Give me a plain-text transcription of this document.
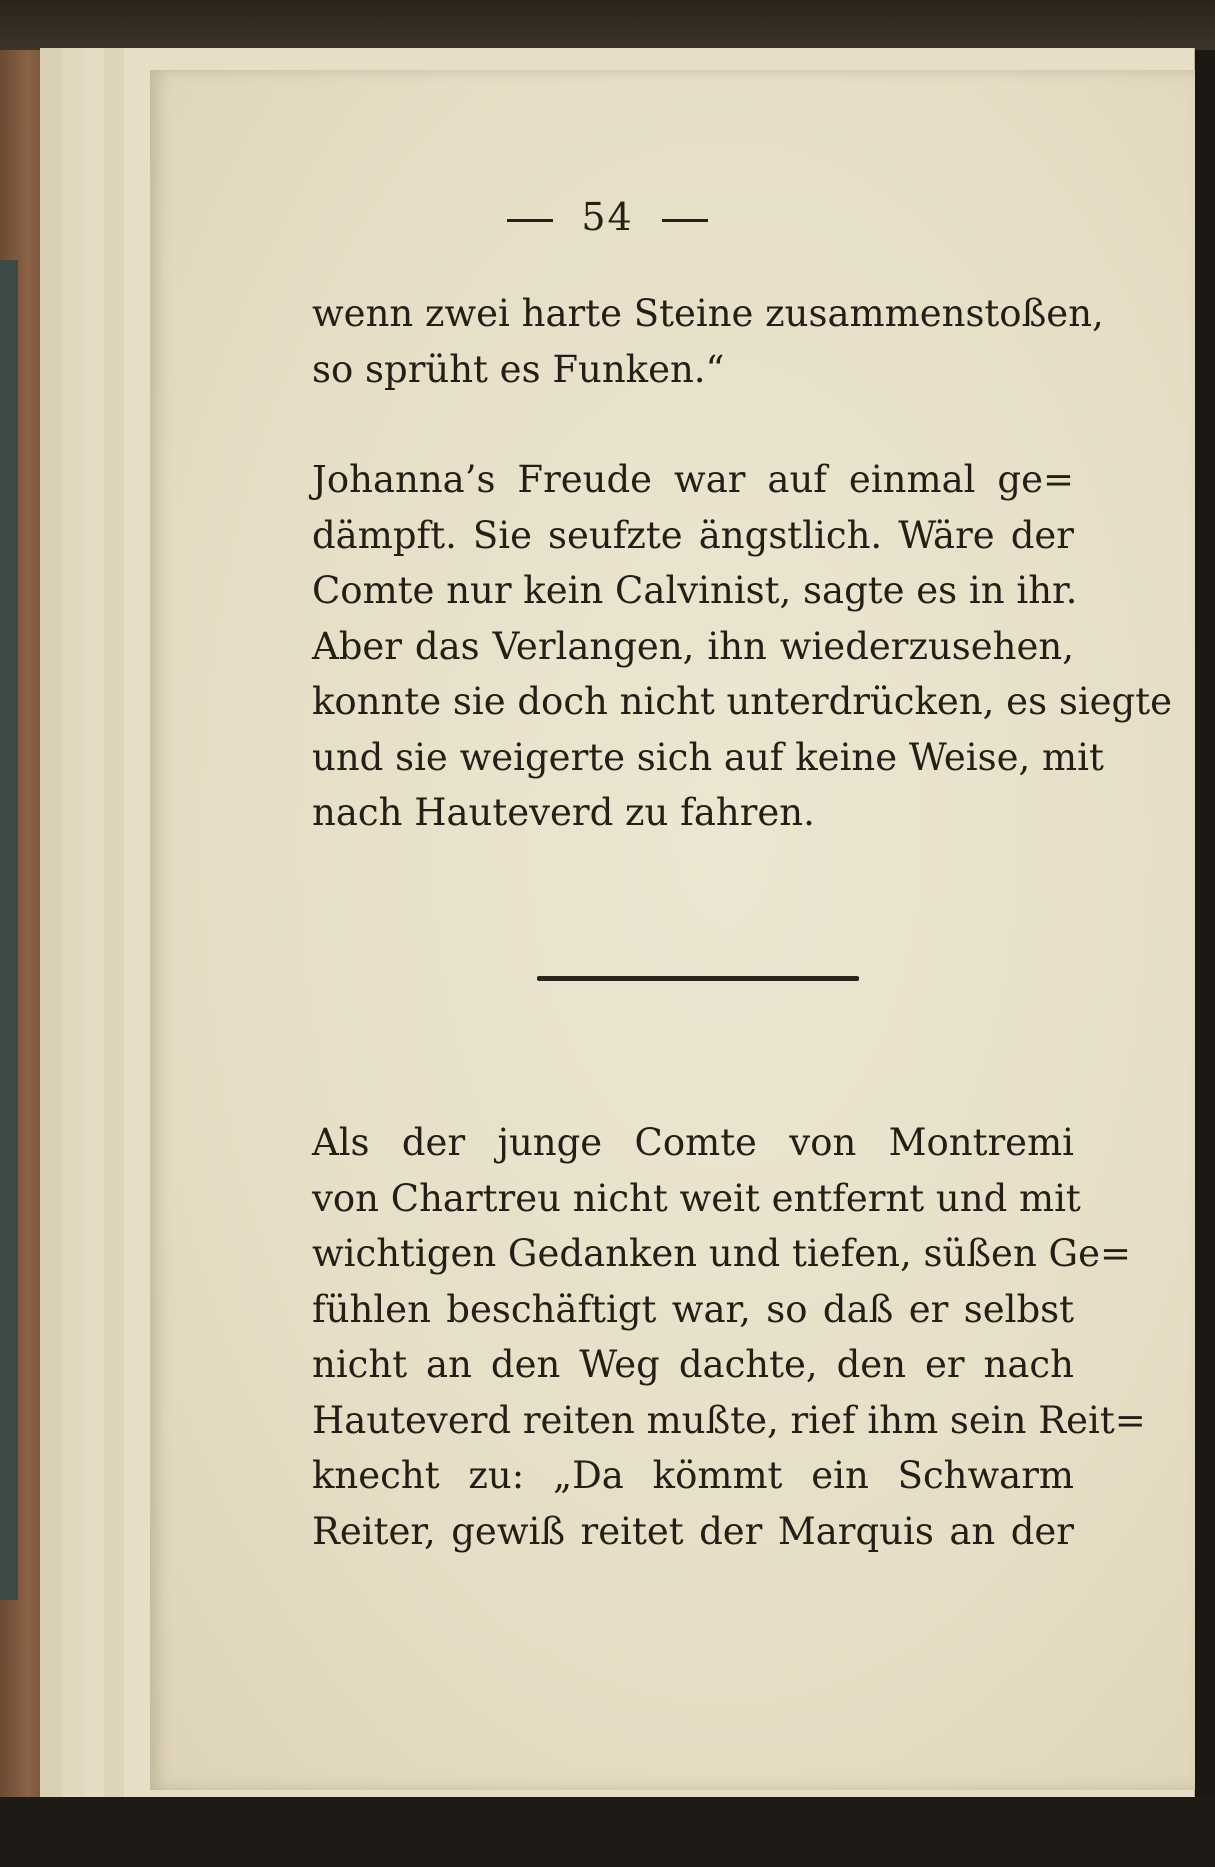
54
wenn zwei harte Steine zusammenstoßen,
so sprüht es Funken.“
Johanna’s Freude war auf einmal ge=
dämpft. Sie seufzte ängstlich. Wäre der
Comte nur kein Calvinist, sagte es in ihr.
Aber das Verlangen, ihn wiederzusehen,
konnte sie doch nicht unterdrücken, es siegte
und sie weigerte sich auf keine Weise, mit
nach Hauteverd zu fahren.
Als der junge Comte von Montremi
von Chartreu nicht weit entfernt und mit
wichtigen Gedanken und tiefen, süßen Ge=
fühlen beschäftigt war, so daß er selbst
nicht an den Weg dachte, den er nach
Hauteverd reiten mußte, rief ihm sein Reit=
knecht zu: „Da kömmt ein Schwarm
Reiter, gewiß reitet der Marquis an der
